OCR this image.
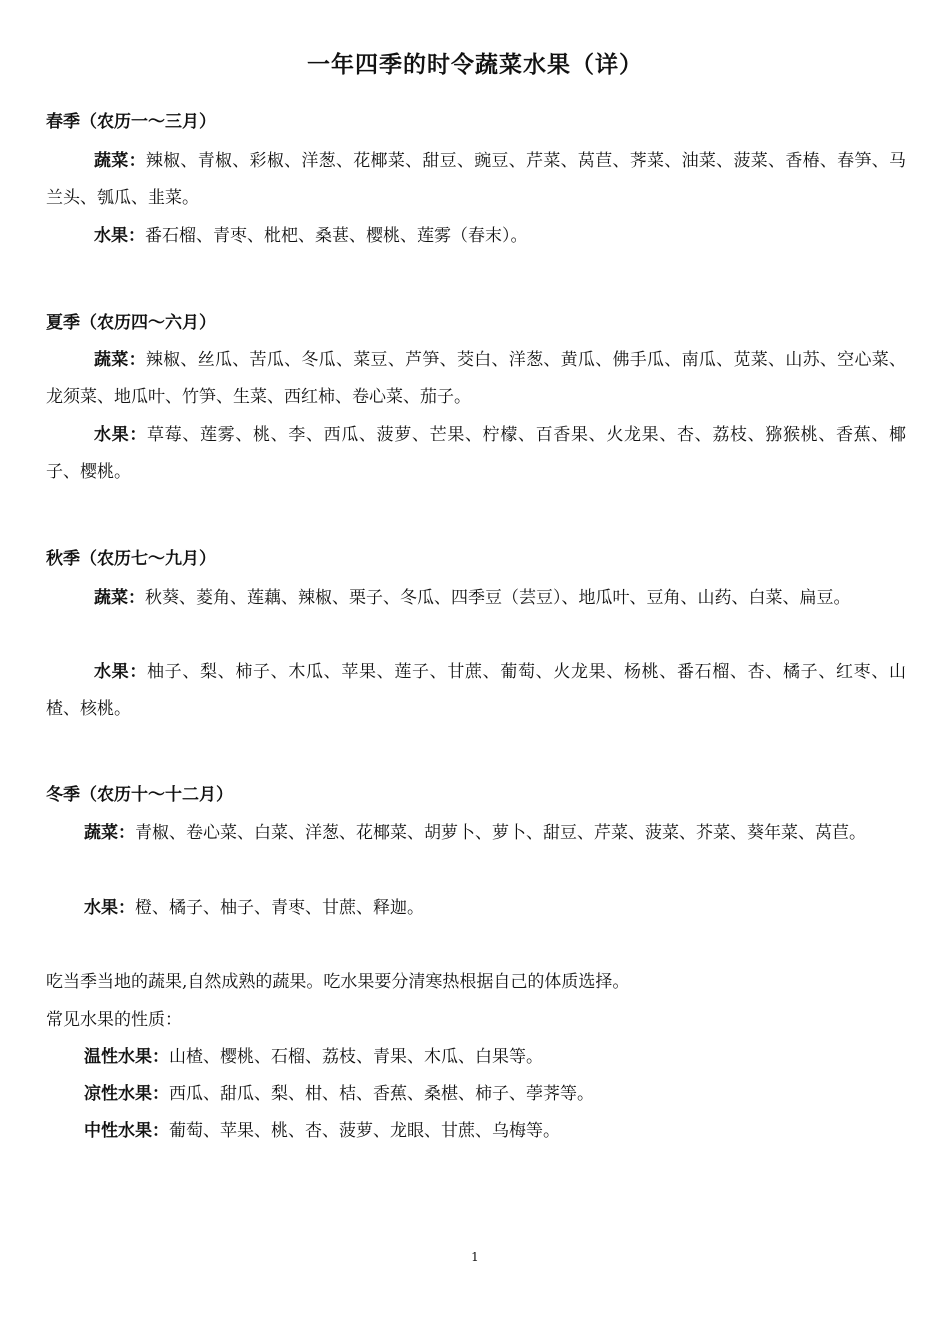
一年四季的时令蔬菜水果（详）
春季（农历一～三月）
蔬菜：辣椒、青椒、彩椒、洋葱、花椰菜、甜豆、豌豆、芹菜、莴苣、荠菜、油菜、菠菜、香椿、春笋、马兰头、瓠瓜、韭菜。
水果：番石榴、青枣、枇杷、桑葚、樱桃、莲雾（春末）。
夏季（农历四～六月）
蔬菜：辣椒、丝瓜、苦瓜、冬瓜、菜豆、芦笋、茭白、洋葱、黄瓜、佛手瓜、南瓜、苋菜、山苏、空心菜、龙须菜、地瓜叶、竹笋、生菜、西红柿、卷心菜、茄子。
水果：草莓、莲雾、桃、李、西瓜、菠萝、芒果、柠檬、百香果、火龙果、杏、荔枝、猕猴桃、香蕉、椰子、樱桃。
秋季（农历七～九月）
蔬菜：秋葵、菱角、莲藕、辣椒、栗子、冬瓜、四季豆（芸豆）、地瓜叶、豆角、山药、白菜、扁豆。
水果：柚子、梨、柿子、木瓜、苹果、莲子、甘蔗、葡萄、火龙果、杨桃、番石榴、杏、橘子、红枣、山楂、核桃。
冬季（农历十～十二月）
蔬菜：青椒、卷心菜、白菜、洋葱、花椰菜、胡萝卜、萝卜、甜豆、芹菜、菠菜、芥菜、葵年菜、莴苣。
水果：橙、橘子、柚子、青枣、甘蔗、释迦。
吃当季当地的蔬果,自然成熟的蔬果。吃水果要分清寒热根据自己的体质选择。
常见水果的性质：
温性水果：山楂、樱桃、石榴、荔枝、青果、木瓜、白果等。
凉性水果：西瓜、甜瓜、梨、柑、桔、香蕉、桑椹、柿子、荸荠等。
中性水果：葡萄、苹果、桃、杏、菠萝、龙眼、甘蔗、乌梅等。
1
